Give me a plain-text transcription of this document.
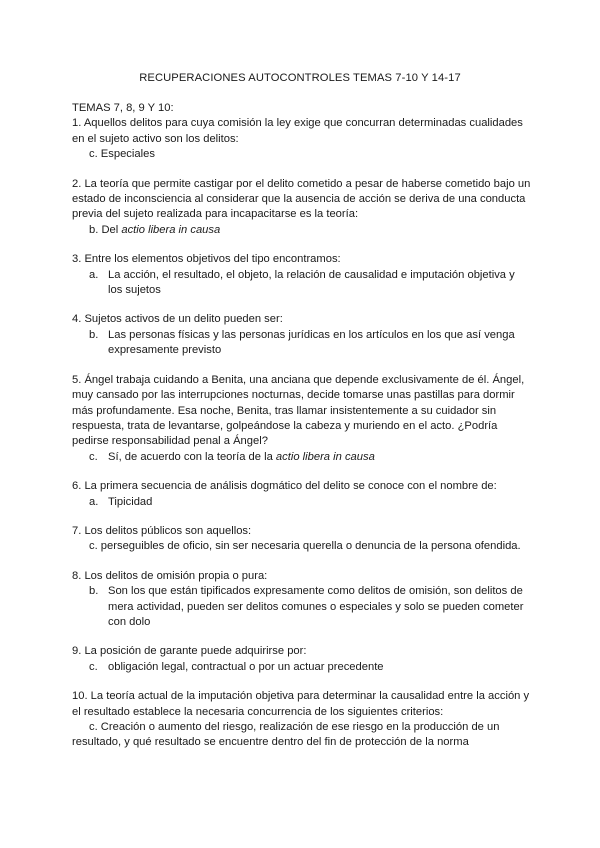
RECUPERACIONES AUTOCONTROLES TEMAS 7-10 Y 14-17

TEMAS 7, 8, 9 Y 10:

1. Aquellos delitos para cuya comisión la ley exige que concurran determinadas cualidades en el sujeto activo son los delitos:

c. Especiales

2. La teoría que permite castigar por el delito cometido a pesar de haberse cometido bajo un estado de inconsciencia al considerar que la ausencia de acción se deriva de una conducta previa del sujeto realizada para incapacitarse es la teoría:

b. Del actio libera in causa

3. Entre los elementos objetivos del tipo encontramos:

a. La acción, el resultado, el objeto, la relación de causalidad e imputación objetiva y los sujetos

4. Sujetos activos de un delito pueden ser:

b. Las personas físicas y las personas jurídicas en los artículos en los que así venga expresamente previsto

5. Ángel trabaja cuidando a Benita, una anciana que depende exclusivamente de él. Ángel, muy cansado por las interrupciones nocturnas, decide tomarse unas pastillas para dormir más profundamente. Esa noche, Benita, tras llamar insistentemente a su cuidador sin respuesta, trata de levantarse, golpeándose la cabeza y muriendo en el acto. ¿Podría pedirse responsabilidad penal a Ángel?

c. Sí, de acuerdo con la teoría de la actio libera in causa

6. La primera secuencia de análisis dogmático del delito se conoce con el nombre de:

a. Tipicidad

7. Los delitos públicos son aquellos:

c. perseguibles de oficio, sin ser necesaria querella o denuncia de la persona ofendida.

8. Los delitos de omisión propia o pura:

b. Son los que están tipificados expresamente como delitos de omisión, son delitos de mera actividad, pueden ser delitos comunes o especiales y solo se pueden cometer con dolo

9. La posición de garante puede adquirirse por:

c. obligación legal, contractual o por un actuar precedente

10. La teoría actual de la imputación objetiva para determinar la causalidad entre la acción y el resultado establece la necesaria concurrencia de los siguientes criterios:

c. Creación o aumento del riesgo, realización de ese riesgo en la producción de un resultado, y qué resultado se encuentre dentro del fin de protección de la norma
